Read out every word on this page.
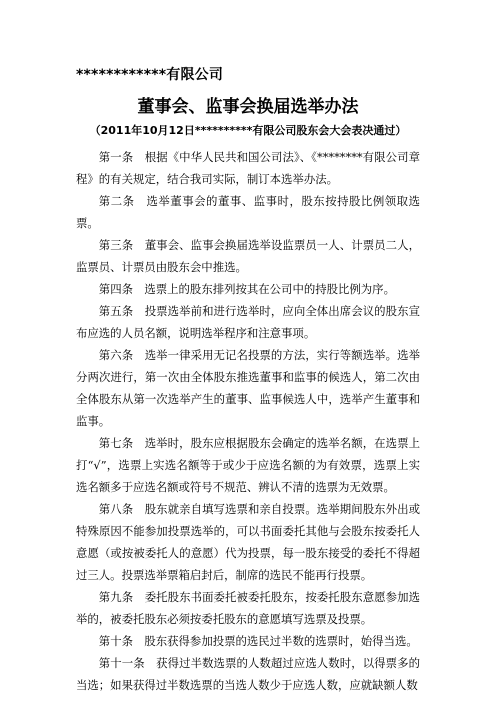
************有限公司
董事会、监事会换届选举办法
（2011年10月12日**********有限公司股东会大会表决通过）

第一条　根据《中华人民共和国公司法》、《********有限公司章程》的有关规定，结合我司实际，制订本选举办法。

第二条　选举董事会的董事、监事时，股东按持股比例领取选票。

第三条　董事会、监事会换届选举设监票员一人、计票员二人，监票员、计票员由股东会中推选。

第四条　选票上的股东排列按其在公司中的持股比例为序。

第五条　投票选举前和进行选举时，应向全体出席会议的股东宣布应选的人员名额，说明选举程序和注意事项。

第六条　选举一律采用无记名投票的方法，实行等额选举。选举分两次进行，第一次由全体股东推选董事和监事的候选人，第二次由全体股东从第一次选举产生的董事、监事候选人中，选举产生董事和监事。

第七条　选举时，股东应根据股东会确定的选举名额，在选票上打“√”，选票上实选名额等于或少于应选名额的为有效票，选票上实选名额多于应选名额或符号不规范、辨认不清的选票为无效票。

第八条　股东就亲自填写选票和亲自投票。选举期间股东外出或特殊原因不能参加投票选举的，可以书面委托其他与会股东按委托人意愿（或按被委托人的意愿）代为投票，每一股东接受的委托不得超过三人。投票选举票箱启封后，制席的选民不能再行投票。

第九条　委托股东书面委托被委托股东，按委托股东意愿参加选举的，被委托股东必须按委托股东的意愿填写选票及投票。

第十条　股东获得参加投票的选民过半数的选票时，始得当选。

第十一条　获得过半数选票的人数超过应选人数时，以得票多的当选；如果获得过半数选票的当选人数少于应选人数，应就缺额人数
